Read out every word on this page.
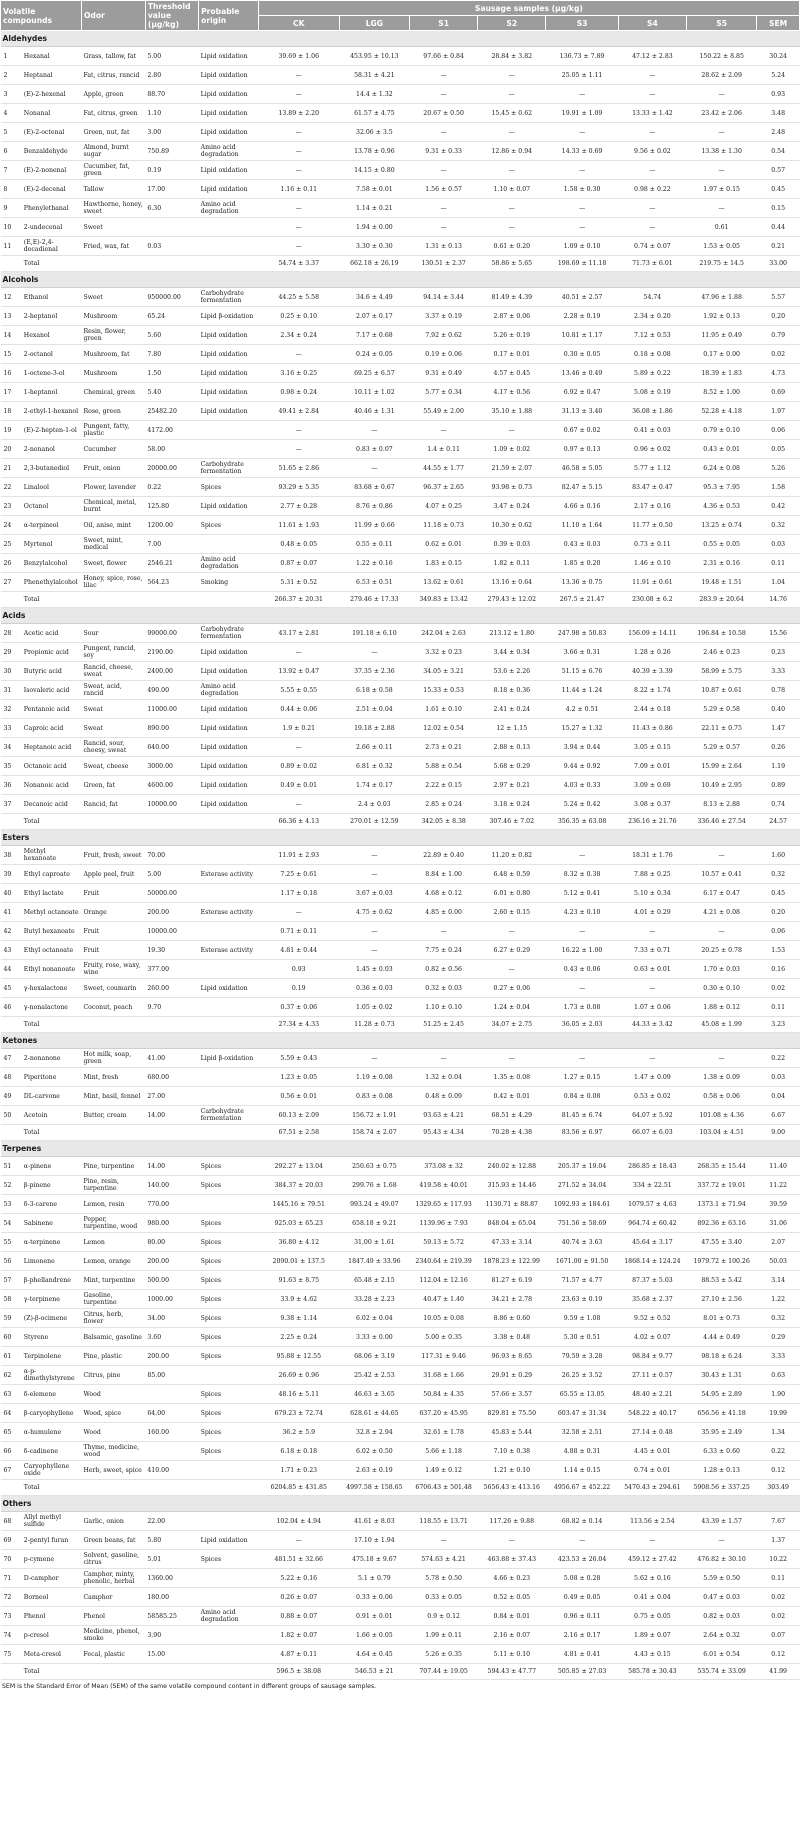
Volatile compounds		Odor	Threshold value (μg/kg)	Probable origin	Sausage samples (μg/kg)							
					CK	LGG	S1	S2	S3	S4	S5	SEM
Aldehydes												
1	Hexanal	Grass, tallow, fat	5.00	Lipid oxidation	39.69 ± 1.06	453.95 ± 10.13	97.66 ± 0.84	28.84 ± 3.82	136.73 ± 7.89	47.12 ± 2.83	150.22 ± 8.85	30.24
2	Heptanal	Fat, citrus, rancid	2.80	Lipid oxidation	—	58.31 ± 4.21	—	—	25.05 ± 1.11	—	28.62 ± 2.09	5.24
3	(E)-2-hexenal	Apple, green	88.70	Lipid oxidation	—	14.4 ± 1.32	—	—	—	—	—	0.93
4	Nonanal	Fat, citrus, green	1.10	Lipid oxidation	13.89 ± 2.20	61.57 ± 4.75	20.67 ± 0.50	15.45 ± 0.62	19.91 ± 1.09	13.33 ± 1.42	23.42 ± 2.06	3.48
5	(E)-2-octenal	Green, nut, fat	3.00	Lipid oxidation	—	32.06 ± 3.5	—	—	—	—	—	2.48
6	Benzaldehyde	Almond, burnt sugar	750.89	Amino acid degradation	—	13.78 ± 0.96	9.31 ± 0.33	12.86 ± 0.94	14.33 ± 0.69	9.56 ± 0.02	13.38 ± 1.30	0.54
7	(E)-2-nonenal	Cucumber, fat, green	0.19	Lipid oxidation	—	14.15 ± 0.80	—	—	—	—	—	0.57
8	(E)-2-decenal	Tallow	17.00	Lipid oxidation	1.16 ± 0.11	7.58 ± 0.01	1.56 ± 0.57	1.10 ± 0.07	1.58 ± 0.30	0.98 ± 0.22	1.97 ± 0.15	0.45
9	Phenylethanal	Hawthorne, honey, sweet	6.30	Amino acid degradation	—	1.14 ± 0.21	—	—	—	—	—	0.15
10	2-undecenal	Sweet			—	1.94 ± 0.00	—	—	—	—	0.61	0.44
11	(E,E)-2,4-decadienal	Fried, wax, fat	0.03		—	3.30 ± 0.30	1.31 ± 0.13	0.61 ± 0.20	1.09 ± 0.10	0.74 ± 0.07	1.53 ± 0.05	0.21
	Total				54.74 ± 3.37	662.18 ± 26.19	130.51 ± 2.37	58.86 ± 5.65	198.69 ± 11.18	71.73 ± 6.01	219.75 ± 14.5	33.00
Alcohols												
12	Ethanol	Sweet	950000.00	Carbohydrate fermentation	44.25 ± 5.58	34.6 ± 4.49	94.14 ± 3.44	81.49 ± 4.39	40.51 ± 2.57	54.74	47.96 ± 1.88	5.57
13	2-heptanol	Mushroom	65.24	Lipid β-oxidation	0.25 ± 0.10	2.07 ± 0.17	3.37 ± 0.19	2.87 ± 0.06	2.28 ± 0.19	2.34 ± 0.20	1.92 ± 0.13	0.20
14	Hexanol	Resin, flower, green	5.60	Lipid oxidation	2.34 ± 0.24	7.17 ± 0.68	7.92 ± 0.62	5.26 ± 0.19	10.81 ± 1.17	7.12 ± 0.53	11.95 ± 0.49	0.79
15	2-octanol	Mushroom, fat	7.80	Lipid oxidation	—	0.24 ± 0.05	0.19 ± 0.06	0.17 ± 0.01	0.30 ± 0.05	0.18 ± 0.08	0.17 ± 0.00	0.02
16	1-octene-3-ol	Mushroom	1.50	Lipid oxidation	3.16 ± 0.25	69.25 ± 6.57	9.31 ± 0.49	4.57 ± 0.45	13.46 ± 0.49	5.89 ± 0.22	18.39 ± 1.83	4.73
17	1-heptanol	Chemical, green	5.40	Lipid oxidation	0.98 ± 0.24	10.11 ± 1.02	5.77 ± 0.34	4.17 ± 0.56	6.92 ± 0.47	5.08 ± 0.19	8.52 ± 1.00	0.69
18	2-ethyl-1-hexanol	Rose, green	25482.20	Lipid oxidation	49.41 ± 2.84	40.46 ± 1.31	55.49 ± 2.00	35.10 ± 1.88	31.13 ± 3.40	36.08 ± 1.86	52.28 ± 4.18	1.97
19	(E)-2-hepten-1-ol	Pungent, fatty, plastic	4172.00		—	—	—	—	0.67 ± 0.02	0.41 ± 0.03	0.79 ± 0.10	0.06
20	2-nonanol	Cucumber	58.00		—	0.83 ± 0.07	1.4 ± 0.11	1.09 ± 0.02	0.97 ± 0.13	0.96 ± 0.02	0.43 ± 0.01	0.05
21	2,3-butanediol	Fruit, onion	20000.00	Carbohydrate fermentation	51.65 ± 2.86	—	44.55 ± 1.77	21.59 ± 2.07	46.58 ± 5.05	5.77 ± 1.12	6.24 ± 0.08	5.26
22	Linalool	Flower, lavender	0.22	Spices	93.29 ± 5.35	83.68 ± 0.67	96.37 ± 2.65	93.98 ± 0.73	82.47 ± 5.15	83.47 ± 0.47	95.3 ± 7.95	1.58
23	Octanol	Chemical, metal, burnt	125.80	Lipid oxidation	2.77 ± 0.28	8.76 ± 0.86	4.07 ± 0.25	3.47 ± 0.24	4.66 ± 0.16	2.17 ± 0.16	4.36 ± 0.53	0.42
24	α-terpineol	Oil, anise, mint	1200.00	Spices	11.61 ± 1.93	11.99 ± 0.66	11.18 ± 0.73	10.30 ± 0.62	11.10 ± 1.64	11.77 ± 0.50	13.25 ± 0.74	0.32
25	Myrtenol	Sweet, mint, medical	7.00		0.48 ± 0.05	0.55 ± 0.11	0.62 ± 0.01	0.39 ± 0.03	0.43 ± 0.03	0.73 ± 0.11	0.55 ± 0.05	0.03
26	Benzylalcohol	Sweet, flower	2546.21	Amino acid degradation	0.87 ± 0.07	1.22 ± 0.16	1.83 ± 0.15	1.82 ± 0.11	1.85 ± 0.20	1.46 ± 0.10	2.31 ± 0.16	0.11
27	Phenethylalcohol	Honey, spice, rose, lilac	564.23	Smoking	5.31 ± 0.52	6.53 ± 0.51	13.62 ± 0.61	13.16 ± 0.64	13.36 ± 0.75	11.91 ± 0.61	19.48 ± 1.51	1.04
	Total				266.37 ± 20.31	279.46 ± 17.33	349.83 ± 13.42	279.43 ± 12.02	267.5 ± 21.47	230.08 ± 6.2	283.9 ± 20.64	14.76
Acids												
28	Acetic acid	Sour	99000.00	Carbohydrate fermentation	43.17 ± 2.81	191.18 ± 6.10	242.04 ± 2.63	213.12 ± 1.80	247.98 ± 50.83	156.09 ± 14.11	196.84 ± 10.58	15.56
29	Propionic acid	Pungent, rancid, soy	2190.00	Lipid oxidation	—	—	3.32 ± 0.23	3.44 ± 0.34	3.66 ± 0.31	1.28 ± 0.26	2.46 ± 0.23	0.23
30	Butyric acid	Rancid, cheese, sweat	2400.00	Lipid oxidation	13.92 ± 0.47	37.35 ± 2.36	34.05 ± 3.21	53.6 ± 2.26	51.15 ± 6.76	40.39 ± 3.39	58.99 ± 5.75	3.33
31	Isovaleric acid	Sweat, acid, rancid	490.00	Amino acid degradation	5.55 ± 0.55	6.18 ± 0.58	15.33 ± 0.53	8.18 ± 0.36	11.44 ± 1.24	8.22 ± 1.74	10.87 ± 0.61	0.78
32	Pentanoic acid	Sweat	11000.00	Lipid oxidation	0.44 ± 0.06	2.51 ± 0.04	1.61 ± 0.10	2.41 ± 0.24	4.2 ± 0.51	2.44 ± 0.18	5.29 ± 0.58	0.40
33	Caproic acid	Sweat	890.00	Lipid oxidation	1.9 ± 0.21	19.18 ± 2.88	12.02 ± 0.54	12 ± 1.15	15.27 ± 1.32	11.43 ± 0.86	22.11 ± 0.75	1.47
34	Heptanoic acid	Rancid, sour, cheesy, sweat	640.00	Lipid oxidation	—	2.66 ± 0.11	2.73 ± 0.21	2.88 ± 0.13	3.94 ± 0.44	3.05 ± 0.15	5.29 ± 0.57	0.26
35	Octanoic acid	Sweat, cheese	3000.00	Lipid oxidation	0.89 ± 0.02	6.81 ± 0.32	5.88 ± 0.54	5.68 ± 0.29	9.44 ± 0.92	7.09 ± 0.01	15.99 ± 2.64	1.19
36	Nonanoic acid	Green, fat	4600.00	Lipid oxidation	0.49 ± 0.01	1.74 ± 0.17	2.22 ± 0.15	2.97 ± 0.21	4.03 ± 0.33	3.09 ± 0.69	10.49 ± 2.95	0.89
37	Decanoic acid	Rancid, fat	10000.00	Lipid oxidation	—	2.4 ± 0.03	2.85 ± 0.24	3.18 ± 0.24	5.24 ± 0.42	3.08 ± 0.37	8.13 ± 2.88	0.74
	Total				66.36 ± 4.13	270.01 ± 12.59	342.05 ± 8.38	307.46 ± 7.02	356.35 ± 63.08	236.16 ± 21.76	336.46 ± 27.54	24.57
Esters												
38	Methyl hexanoate	Fruit, fresh, sweet	70.00		11.91 ± 2.93	—	22.89 ± 0.40	11.20 ± 0.82	—	18.31 ± 1.76	—	1.60
39	Ethyl caproate	Apple peel, fruit	5.00	Esterase activity	7.25 ± 0.61	—	8.84 ± 1.00	6.48 ± 0.59	8.32 ± 0.38	7.88 ± 0.25	10.57 ± 0.41	0.32
40	Ethyl lactate	Fruit	50000.00		1.17 ± 0.18	3.67 ± 0.03	4.68 ± 0.12	6.01 ± 0.80	5.12 ± 0.41	5.10 ± 0.34	6.17 ± 0.47	0.45
41	Methyl octanoate	Orange	200.00	Esterase activity	—	4.75 ± 0.62	4.85 ± 0.00	2.60 ± 0.15	4.23 ± 0.10	4.01 ± 0.29	4.21 ± 0.08	0.20
42	Butyl hexanoate	Fruit	10000.00		0.71 ± 0.11	—	—	—	—	—	—	0.06
43	Ethyl octanoate	Fruit	19.30	Esterase activity	4.81 ± 0.44	—	7.75 ± 0.24	6.27 ± 0.29	16.22 ± 1.00	7.33 ± 0.71	20.25 ± 0.78	1.53
44	Ethyl nonanoate	Fruity, rose, waxy, wine	377.00		0.93	1.45 ± 0.03	0.82 ± 0.56	—	0.43 ± 0.06	0.63 ± 0.01	1.70 ± 0.03	0.16
45	γ-hexalactone	Sweet, coumarin	260.00	Lipid oxidation	0.19	0.36 ± 0.03	0.32 ± 0.03	0.27 ± 0.06	—	—	0.30 ± 0.10	0.02
46	γ-nonalactone	Coconut, peach	9.70		0.37 ± 0.06	1.05 ± 0.02	1.10 ± 0.10	1.24 ± 0.04	1.73 ± 0.08	1.07 ± 0.06	1.88 ± 0.12	0.11
	Total				27.34 ± 4.33	11.28 ± 0.73	51.25 ± 2.45	34.07 ± 2.75	36.05 ± 2.03	44.33 ± 3.42	45.08 ± 1.99	3.23
Ketones												
47	2-nonanone	Hot milk, soap, green	41.00	Lipid β-oxidation	5.59 ± 0.43	—	—	—	—	—	—	0.22
48	Piperitone	Mint, fresh	680.00		1.23 ± 0.05	1.19 ± 0.08	1.32 ± 0.04	1.35 ± 0.08	1.27 ± 0.15	1.47 ± 0.09	1.38 ± 0.09	0.03
49	DL-carvone	Mint, basil, fennel	27.00		0.56 ± 0.01	0.83 ± 0.08	0.48 ± 0.09	0.42 ± 0.01	0.84 ± 0.08	0.53 ± 0.02	0.58 ± 0.06	0.04
50	Acetoin	Butter, cream	14.00	Carbohydrate fermentation	60.13 ± 2.09	156.72 ± 1.91	93.63 ± 4.21	68.51 ± 4.29	81.45 ± 6.74	64.07 ± 5.92	101.08 ± 4.36	6.67
	Total				67.51 ± 2.58	158.74 ± 2.07	95.43 ± 4.34	70.28 ± 4.38	83.56 ± 6.97	66.07 ± 6.03	103.04 ± 4.51	9.00
Terpenes												
51	α-pinene	Pine, turpentine	14.00	Spices	292.27 ± 13.04	250.63 ± 0.75	373.08 ± 32	240.02 ± 12.88	205.37 ± 19.04	286.85 ± 18.43	268.35 ± 15.44	11.40
52	β-pinene	Pine, resin, turpentine	140.00	Spices	384.37 ± 20.03	299.76 ± 1.68	419.58 ± 40.01	315.93 ± 14.46	271.52 ± 34.04	334 ± 22.51	337.72 ± 19.01	11.22
53	δ-3-carene	Lemon, resin	770.00		1445.16 ± 79.51	993.24 ± 49.07	1329.65 ± 117.93	1130.71 ± 88.87	1092.93 ± 184.61	1079.57 ± 4.63	1373.1 ± 71.94	39.59
54	Sabinene	Pepper, turpentine, wood	980.00	Spices	925.03 ± 65.23	658.18 ± 9.21	1139.96 ± 7.93	848.04 ± 65.04	751.56 ± 58.69	964.74 ± 60.42	892.36 ± 63.16	31.06
55	α-terpinene	Lemon	80.00	Spices	36.80 ± 4.12	31.00 ± 1.61	59.13 ± 5.72	47.33 ± 3.14	40.74 ± 3.63	45.64 ± 3.17	47.55 ± 3.40	2.07
56	Limonene	Lemon, orange	200.00	Spices	2090.01 ± 137.5	1847.49 ± 33.96	2340.64 ± 219.39	1878.23 ± 122.99	1671.00 ± 91.50	1868.14 ± 124.24	1979.72 ± 100.26	50.03
57	β-phellandrene	Mint, turpentine	500.00	Spices	91.63 ± 8.75	65.48 ± 2.15	112.04 ± 12.16	81.27 ± 6.19	71.57 ± 4.77	87.37 ± 5.03	88.53 ± 5.42	3.14
58	γ-terpinene	Gasoline, turpentine	1000.00	Spices	33.9 ± 4.62	33.28 ± 2.23	40.47 ± 1.40	34.21 ± 2.78	23.63 ± 0.19	35.68 ± 2.37	27.10 ± 2.56	1.22
59	(Z)-β-ocimene	Citrus, herb, flower	34.00	Spices	9.38 ± 1.14	6.02 ± 0.04	10.05 ± 0.08	8.86 ± 0.60	9.59 ± 1.08	9.52 ± 0.52	8.01 ± 0.73	0.32
60	Styrene	Balsamic, gasoline	3.60	Spices	2.25 ± 0.24	3.33 ± 0.00	5.00 ± 0.35	3.38 ± 0.48	5.30 ± 0.51	4.02 ± 0.07	4.44 ± 0.49	0.29
61	Terpinolene	Pine, plastic	200.00	Spices	95.88 ± 12.55	68.06 ± 3.19	117.31 ± 9.46	96.93 ± 8.65	79.59 ± 3.28	98.84 ± 9.77	98.18 ± 6.24	3.33
62	α-p-dimethylstyrene	Citrus, pine	85.00		26.69 ± 0.96	25.42 ± 2.53	31.68 ± 1.66	29.91 ± 0.29	26.25 ± 3.52	27.11 ± 0.57	30.43 ± 1.31	0.63
63	δ-elemene	Wood		Spices	48.16 ± 5.11	46.63 ± 3.65	50.84 ± 4.35	57.66 ± 3.57	65.55 ± 13.05	48.40 ± 2.21	54.95 ± 2.89	1.90
64	β-caryophyllene	Wood, spice	64.00	Spices	679.23 ± 72.74	628.61 ± 44.65	637.20 ± 45.95	829.81 ± 75.50	603.47 ± 31.34	548.22 ± 40.17	656.56 ± 41.18	19.99
65	α-humulene	Wood	160.00	Spices	36.2 ± 5.9	32.8 ± 2.94	32.61 ± 1.78	45.83 ± 5.44	32.58 ± 2.51	27.14 ± 0.48	35.95 ± 2.49	1.34
66	δ-cadinene	Thyme, medicine, wood		Spices	6.18 ± 0.18	6.02 ± 0.50	5.66 ± 1.18	7.10 ± 0.38	4.88 ± 0.31	4.45 ± 0.01	6.33 ± 0.60	0.22
67	Caryophyllene oxide	Herb, sweet, spice	410.00		1.71 ± 0.23	2.63 ± 0.19	1.49 ± 0.12	1.21 ± 0.10	1.14 ± 0.15	0.74 ± 0.01	1.28 ± 0.13	0.12
	Total				6204.85 ± 431.85	4997.58 ± 158.65	6706.43 ± 501.48	5656.43 ± 413.16	4956.67 ± 452.22	5470.43 ± 294.61	5908.56 ± 337.25	303.49
Others												
68	Allyl methyl sulfide	Garlic, onion	22.00		102.04 ± 4.94	41.61 ± 8.03	118.55 ± 13.71	117.26 ± 9.88	68.82 ± 0.14	113.56 ± 2.54	43.39 ± 1.57	7.67
69	2-pentyl furan	Green beans, fat	5.80	Lipid oxidation	—	17.10 ± 1.94	—	—	—	—	—	1.37
70	p-cymene	Solvent, gasoline, citrus	5.01	Spices	481.51 ± 32.66	475.18 ± 9.67	574.63 ± 4.21	463.88 ± 37.43	423.53 ± 26.04	459.12 ± 27.42	476.82 ± 30.10	10.22
71	D-camphor	Camphor, minty, phenolic, herbal	1360.00		5.22 ± 0.16	5.1 ± 0.79	5.78 ± 0.50	4.66 ± 0.23	5.08 ± 0.28	5.62 ± 0.16	5.59 ± 0.50	0.11
72	Borneol	Camphor	180.00		0.26 ± 0.07	0.33 ± 0.06	0.33 ± 0.05	0.52 ± 0.05	0.49 ± 0.05	0.41 ± 0.04	0.47 ± 0.03	0.02
73	Phenol	Phenol	58585.25	Amino acid degradation	0.88 ± 0.07	0.91 ± 0.01	0.9 ± 0.12	0.84 ± 0.01	0.96 ± 0.11	0.75 ± 0.05	0.82 ± 0.03	0.02
74	p-cresol	Medicine, phenol, smoke	3.90		1.82 ± 0.07	1.66 ± 0.05	1.99 ± 0.11	2.16 ± 0.07	2.16 ± 0.17	1.89 ± 0.07	2.64 ± 0.32	0.07
75	Meta-cresol	Fecal, plastic	15.00		4.87 ± 0.11	4.64 ± 0.45	5.26 ± 0.35	5.11 ± 0.10	4.81 ± 0.41	4.43 ± 0.15	6.01 ± 0.54	0.12
	Total				596.5 ± 38.08	546.53 ± 21	707.44 ± 19.05	594.43 ± 47.77	505.85 ± 27.03	585.78 ± 30.43	535.74 ± 33.09	41.99
SEM is the Standard Error of Mean (SEM) of the same volatile compound content in different groups of sausage samples.
